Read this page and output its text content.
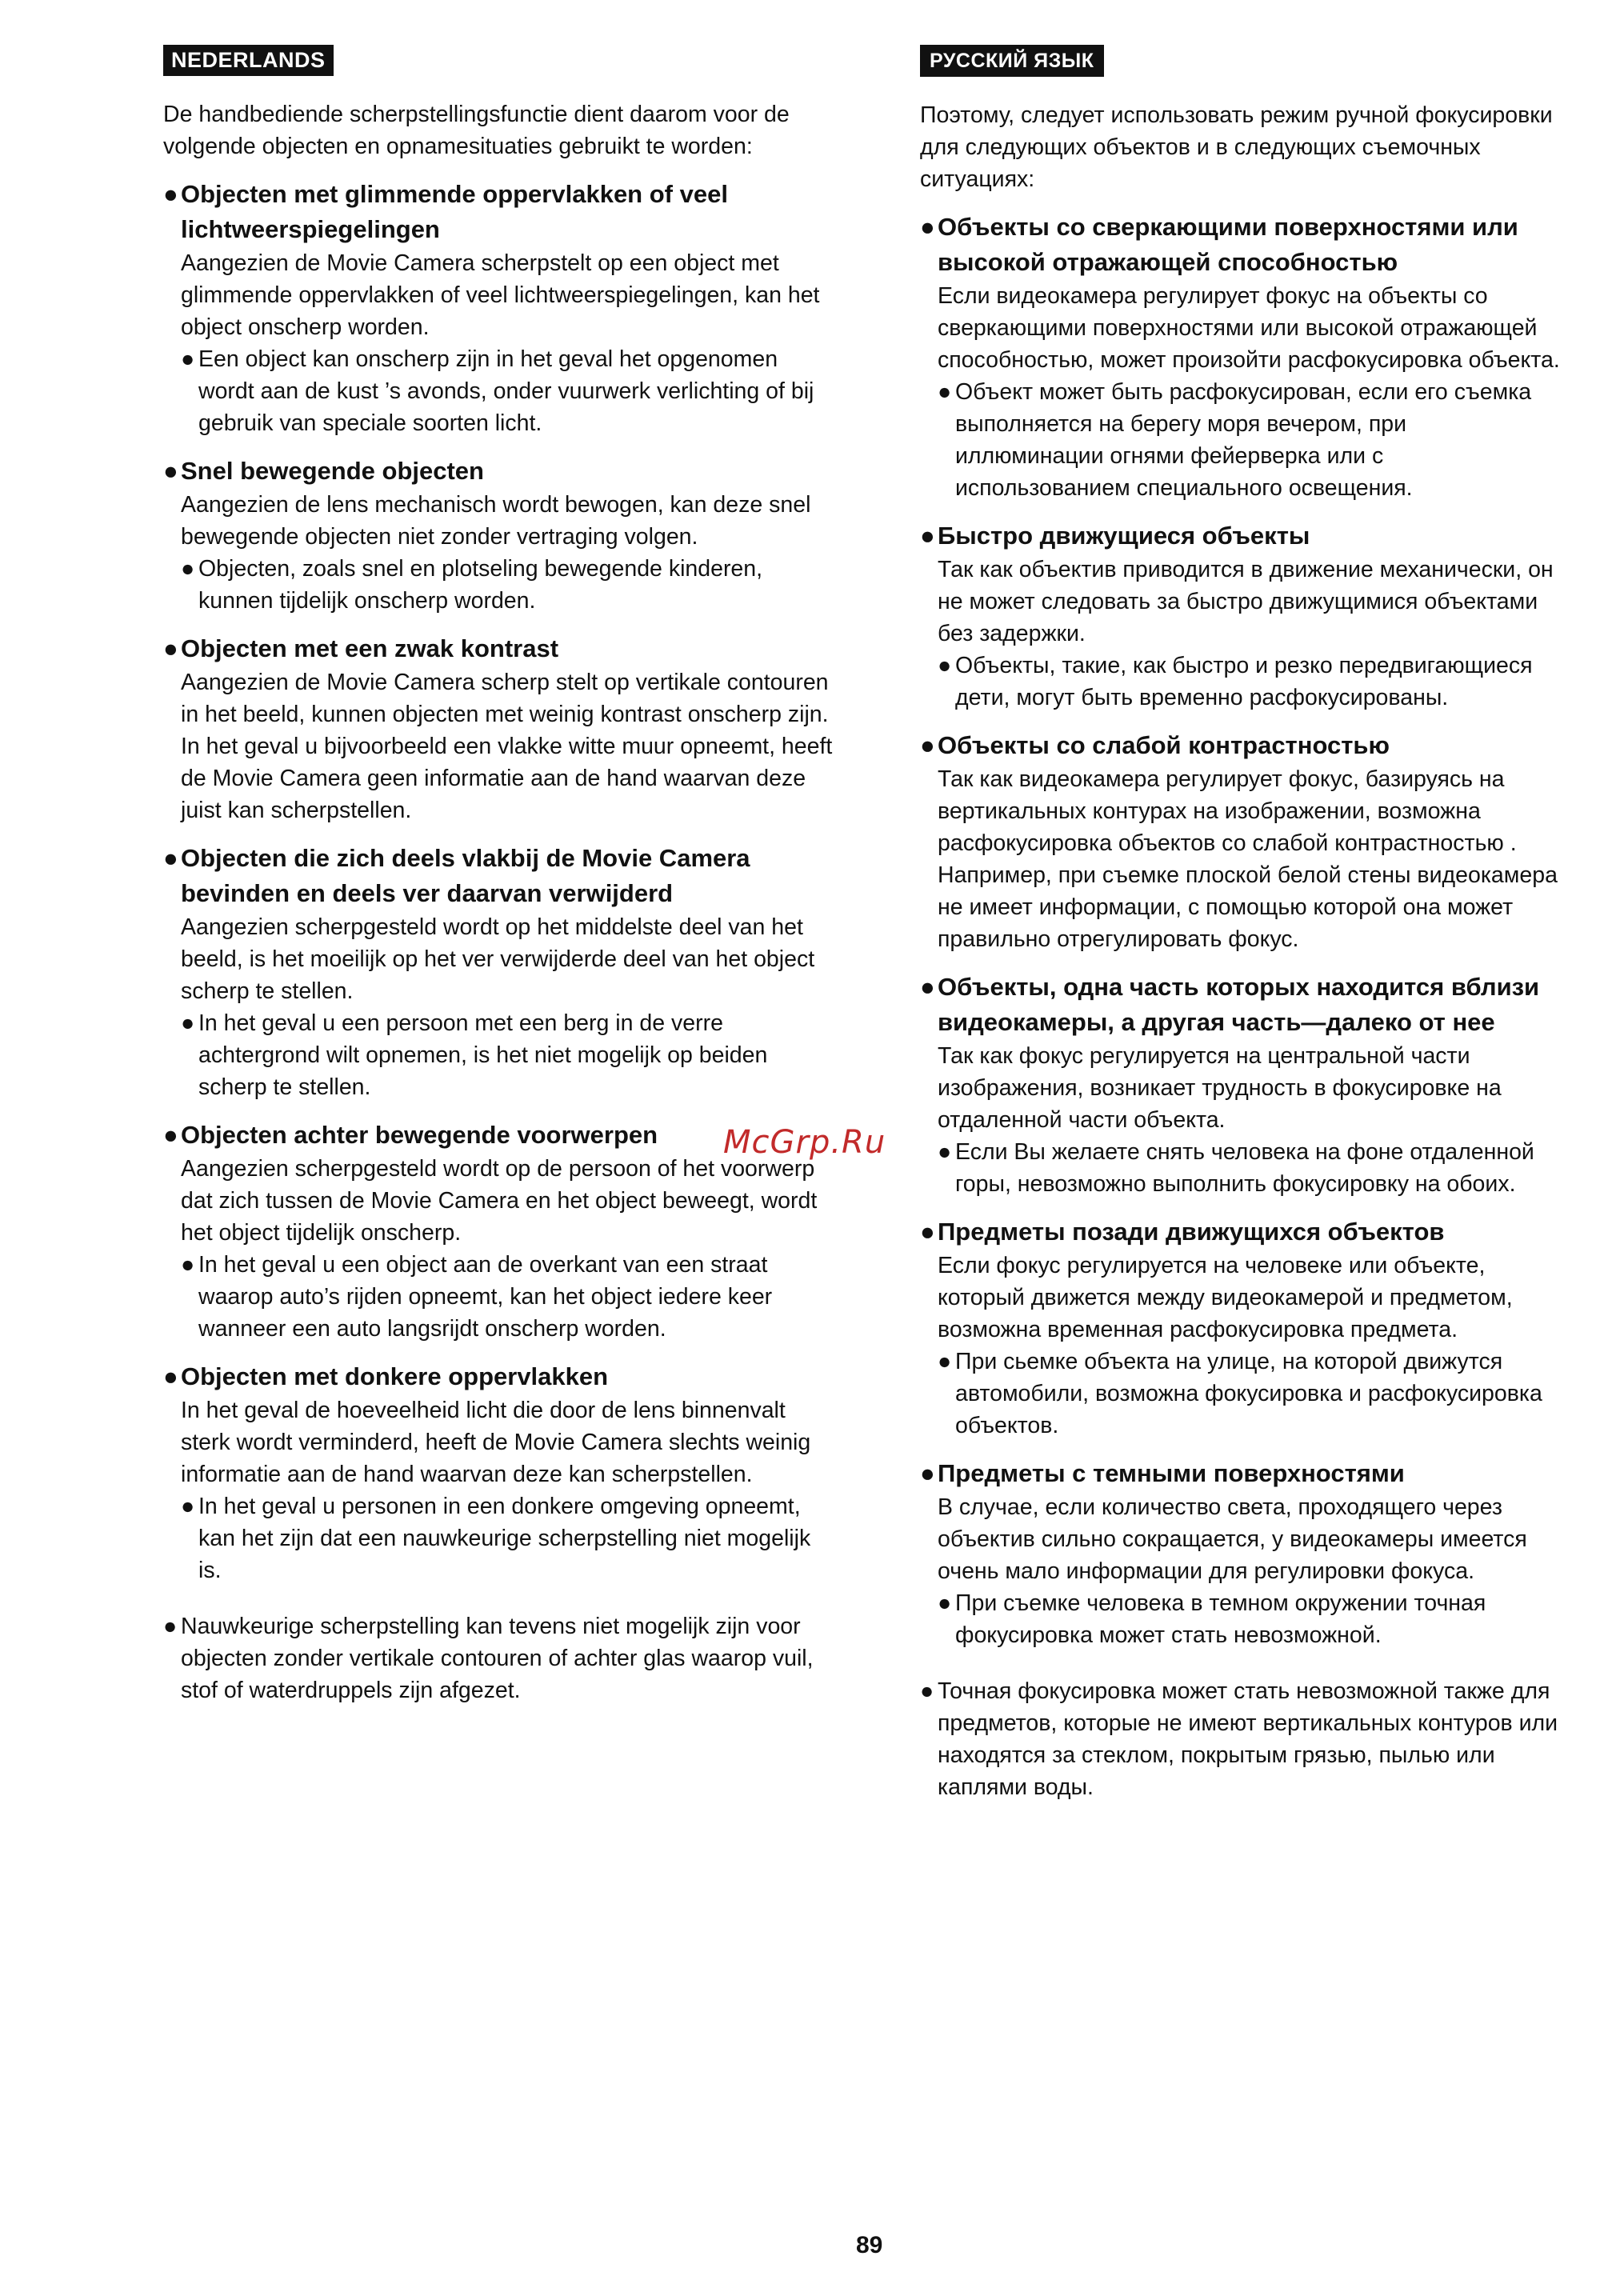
NEDERLANDS

De handbediende scherpstellingsfunctie dient daarom voor de volgende objecten en opnamesituaties gebruikt te worden:

● Objecten met glimmende oppervlakken of veel lichtweerspiegelingen

Aangezien de Movie Camera scherpstelt op een object met glimmende oppervlakken of veel lichtweerspiegelingen, kan het object onscherp worden.

● Een object kan onscherp zijn in het geval het opgenomen wordt aan de kust ’s avonds, onder vuurwerk verlichting of bij gebruik van speciale soorten licht.

● Snel bewegende objecten

Aangezien de lens mechanisch wordt bewogen, kan deze snel bewegende objecten niet zonder vertraging volgen.

● Objecten, zoals snel en plotseling bewegende kinderen, kunnen tijdelijk onscherp worden.

● Objecten met een zwak kontrast

Aangezien de Movie Camera scherp stelt op vertikale contouren in het beeld, kunnen objecten met weinig kontrast onscherp zijn. In het geval u bijvoorbeeld een vlakke witte muur opneemt, heeft de Movie Camera geen informatie aan de hand waarvan deze juist kan scherpstellen.

● Objecten die zich deels vlakbij de Movie Camera bevinden en deels ver daarvan verwijderd

Aangezien scherpgesteld wordt op het middelste deel van het beeld, is het moeilijk op het ver verwijderde deel van het object scherp te stellen.

● In het geval u een persoon met een berg in de verre achtergrond wilt opnemen, is het niet mogelijk op beiden scherp te stellen.

● Objecten achter bewegende voorwerpen

Aangezien scherpgesteld wordt op de persoon of het voorwerp dat zich tussen de Movie Camera en het object beweegt, wordt het object tijdelijk onscherp.

● In het geval u een object aan de overkant van een straat waarop auto’s rijden opneemt, kan het object iedere keer wanneer een auto langsrijdt onscherp worden.

● Objecten met donkere oppervlakken

In het geval de hoeveelheid licht die door de lens binnenvalt sterk wordt verminderd, heeft de Movie Camera slechts weinig informatie aan de hand waarvan deze kan scherpstellen.

● In het geval u personen in een donkere omgeving opneemt, kan het zijn dat een nauwkeurige scherpstelling niet mogelijk is.

● Nauwkeurige scherpstelling kan tevens niet mogelijk zijn voor objecten zonder vertikale contouren of achter glas waarop vuil, stof of waterdruppels zijn afgezet.

РУССКИЙ ЯЗЫК

Поэтому, следует использовать режим ручной фокусировки для следующих объектов и в следующих съемочных ситуациях:

● Объекты со сверкающими поверхностями или высокой отражающей способностью

Если видеокамера регулирует фокус на объекты со сверкающими поверхностями или высокой отражающей способностью, может произойти расфокусировка объекта.

● Объект может быть расфокусирован, если его съемка выполняется на берегу моря вечером, при иллюминации огнями фейерверка или с использованием специального освещения.

● Быстро движущиеся объекты

Так как объектив приводится в движение механически, он не может следовать за быстро движущимися объектами без задержки.

● Объекты, такие, как быстро и резко передвигающиеся дети, могут быть временно расфокусированы.

● Объекты со слабой контрастностью

Так как видеокамера регулирует фокус, базируясь на вертикальных контурах на изображении, возможна расфокусировка объектов со слабой контрастностью . Например, при съемке плоской белой стены видеокамера не имеет информации, с помощью которой она может правильно отрегулировать фокус.

● Объекты, одна часть которых находится вблизи видеокамеры, а другая часть—далеко от нее

Так как фокус регулируется на центральной части изображения, возникает трудность в фокусировке на отдаленной части объекта.

● Если Вы желаете снять человека на фоне отдаленной горы, невозможно выполнить фокусировку на обоих.

● Предметы позади движущихся объектов

Если фокус регулируется на человеке или объекте, который движется между видеокамерой и предметом, возможна временная расфокусировка предмета.

● При сьемке объекта на улице, на которой движутся автомобили, возможна фокусировка и расфокусировка объектов.

● Предметы с темными поверхностями

В случае, если количество света, проходящего через объектив сильно сокращается, у видеокамеры имеется очень мало информации для регулировки фокуса.

● При съемке человека в темном окружении точная фокусировка может стать невозможной.

● Точная фокусировка может стать невозможной также для предметов, которые не имеют вертикальных контуров или находятся за стеклом, покрытым грязью, пылью или каплями воды.

McGrp.Ru
89
